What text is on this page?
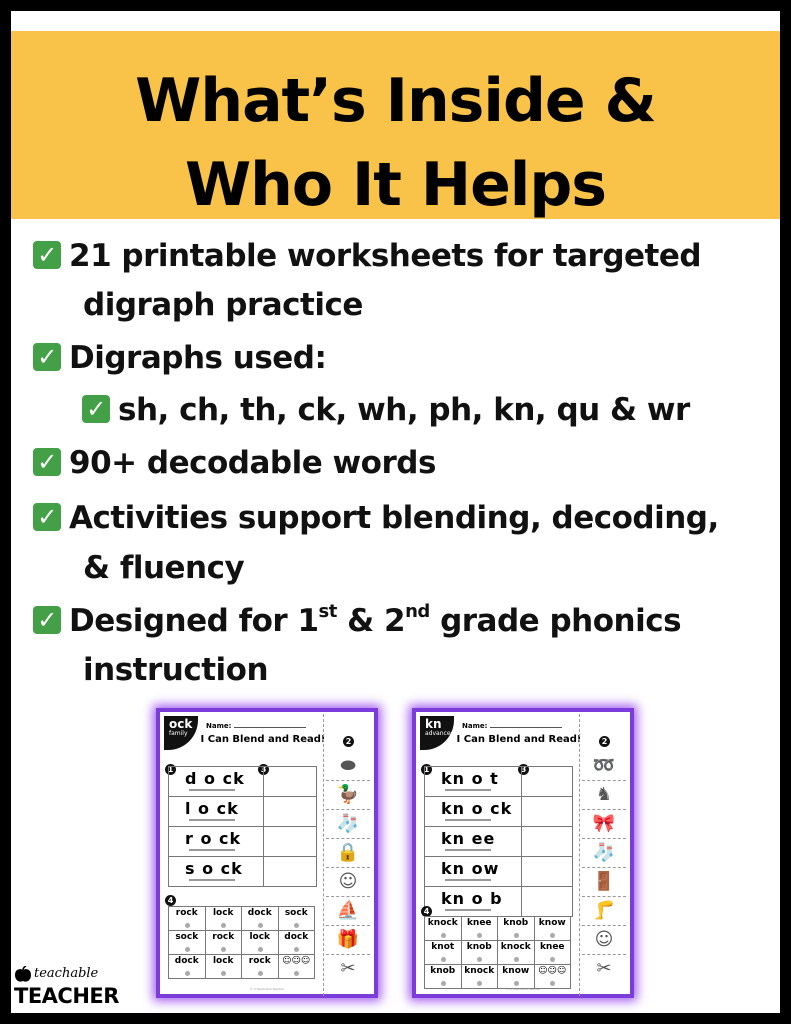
What’s Inside &
Who It Helps
✓ 21 printable worksheets for targeted
digraph practice
✓ Digraphs used:
✓ sh, ch, th, ck, wh, ph, kn, qu & wr
✓ 90+ decodable words
✓ Activities support blending, decoding,
& fluency
✓ Designed for 1st & 2nd grade phonics
instruction
ock
family
Name:
I Can Blend and Read!	2
1	3
d o ck
l o ck
r o ck
s o ck
4
rock	lock	dock	sock

sock	rock	lock	dock

dock	lock	rock	☺☺☺
⬬
🦆
🧦
🔒
☺
⛵
🎁
✂
© A Teachable Teacher
kn
advanced
Name:
I Can Blend and Read!	2
1	3
kn o t
kn o ck
kn ee
kn ow
kn o b
4
knock	knee	knob	know

knot	knob	knock	knee

knob	knock	know	☺☺☺
➿
♞
🎀
🧦
🚪
🦵
☺
✂
© A Teachable Teacher
teachable
TEACHER
